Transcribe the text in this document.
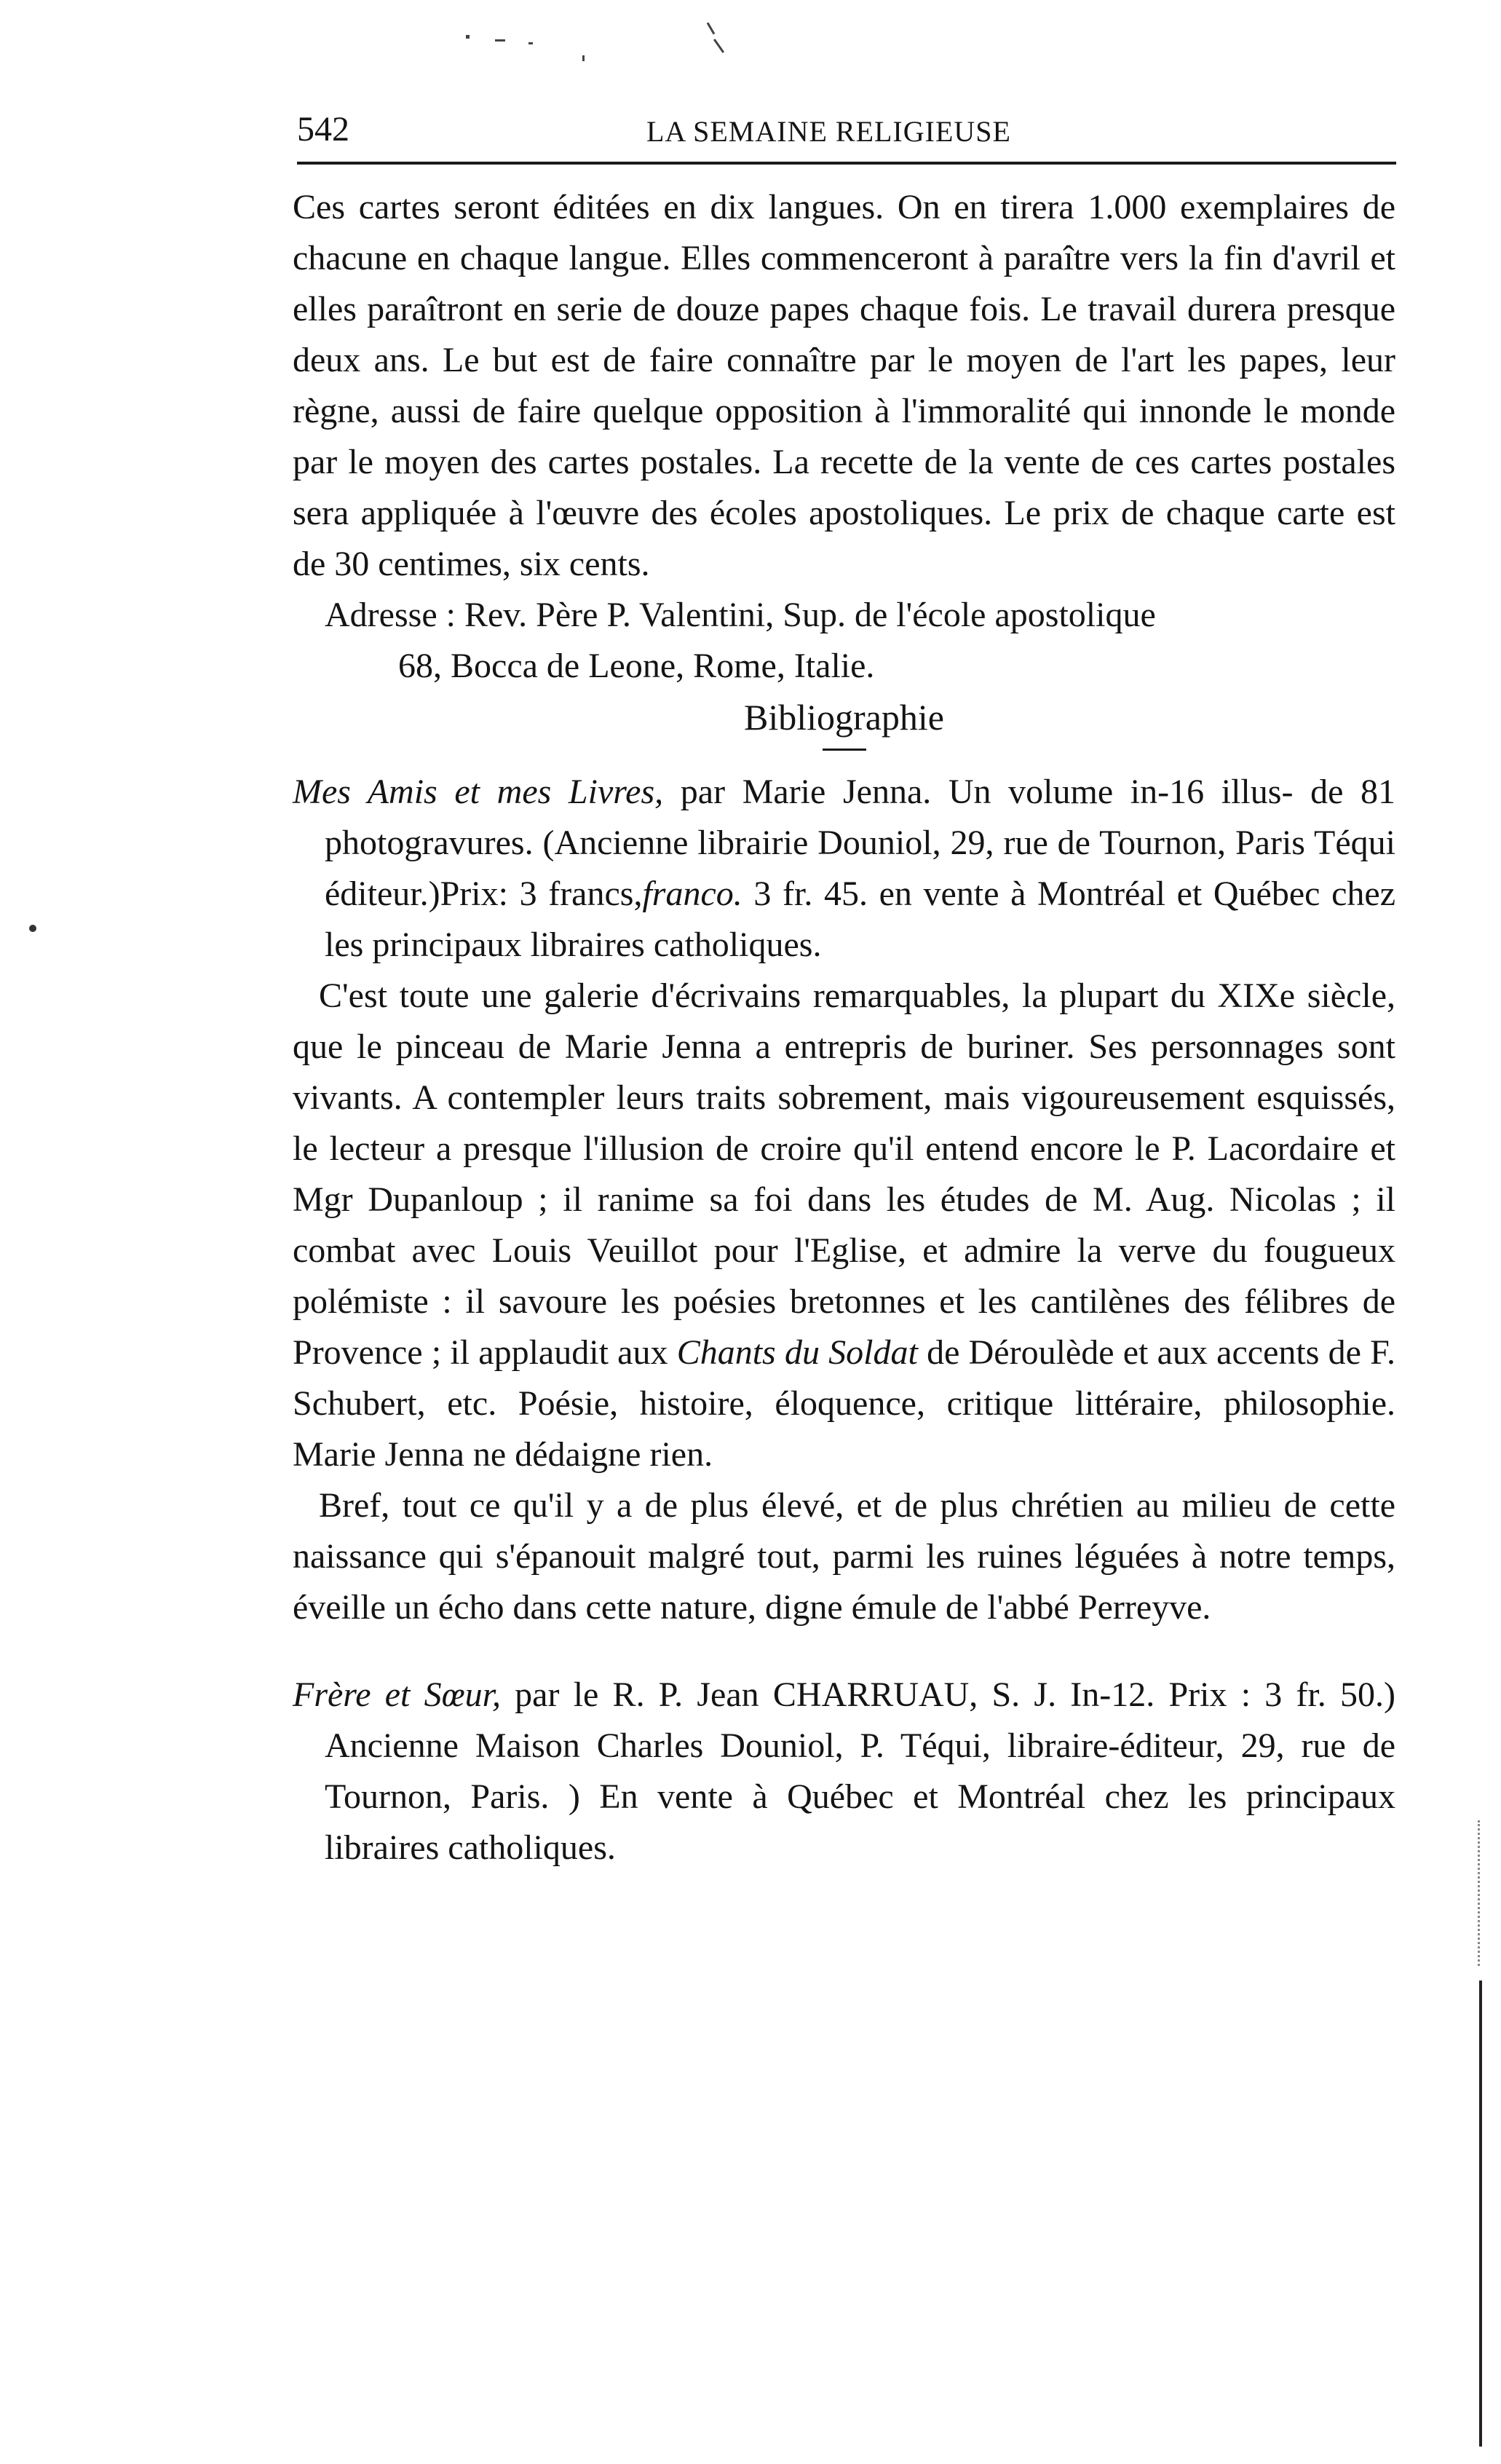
542	LA SEMAINE RELIGIEUSE

Ces cartes seront éditées en dix langues. On en tirera 1.000 exemplaires de chacune en chaque langue. Elles commenceront à paraître vers la fin d'avril et elles paraîtront en serie de douze papes chaque fois. Le travail durera presque deux ans. Le but est de faire connaître par le moyen de l'art les papes, leur règne, aussi de faire quelque opposition à l'immoralité qui innonde le monde par le moyen des cartes postales. La recette de la vente de ces cartes postales sera appliquée à l'œuvre des écoles apostoliques. Le prix de chaque carte est de 30 centimes, six cents.

Adresse : Rev. Père P. Valentini, Sup. de l'école apostolique

68, Bocca de Leone, Rome, Italie.

Bibliographie

Mes Amis et mes Livres, par Marie Jenna. Un volume in-16 illus- de 81 photogravures. (Ancienne librairie Douniol, 29, rue de Tournon, Paris Téqui éditeur.)Prix: 3 francs,franco. 3 fr. 45. en vente à Montréal et Québec chez les principaux libraires catholiques.

C'est toute une galerie d'écrivains remarquables, la plupart du XIXe siècle, que le pinceau de Marie Jenna a entrepris de buriner. Ses personnages sont vivants. A contempler leurs traits sobrement, mais vigoureusement esquissés, le lecteur a presque l'illusion de croire qu'il entend encore le P. Lacordaire et Mgr Dupanloup ; il ranime sa foi dans les études de M. Aug. Nicolas ; il combat avec Louis Veuillot pour l'Eglise, et admire la verve du fougueux polémiste : il savoure les poésies bretonnes et les cantilènes des félibres de Provence ; il applaudit aux Chants du Soldat de Déroulède et aux accents de F. Schubert, etc. Poésie, histoire, éloquence, critique littéraire, philosophie. Marie Jenna ne dédaigne rien.

Bref, tout ce qu'il y a de plus élevé, et de plus chrétien au milieu de cette naissance qui s'épanouit malgré tout, parmi les ruines léguées à notre temps, éveille un écho dans cette nature, digne émule de l'abbé Perreyve.

Frère et Sœur, par le R. P. Jean CHARRUAU, S. J. In-12. Prix : 3 fr. 50.) Ancienne Maison Charles Douniol, P. Téqui, libraire-éditeur, 29, rue de Tournon, Paris. ) En vente à Québec et Montréal chez les principaux libraires catholiques.
